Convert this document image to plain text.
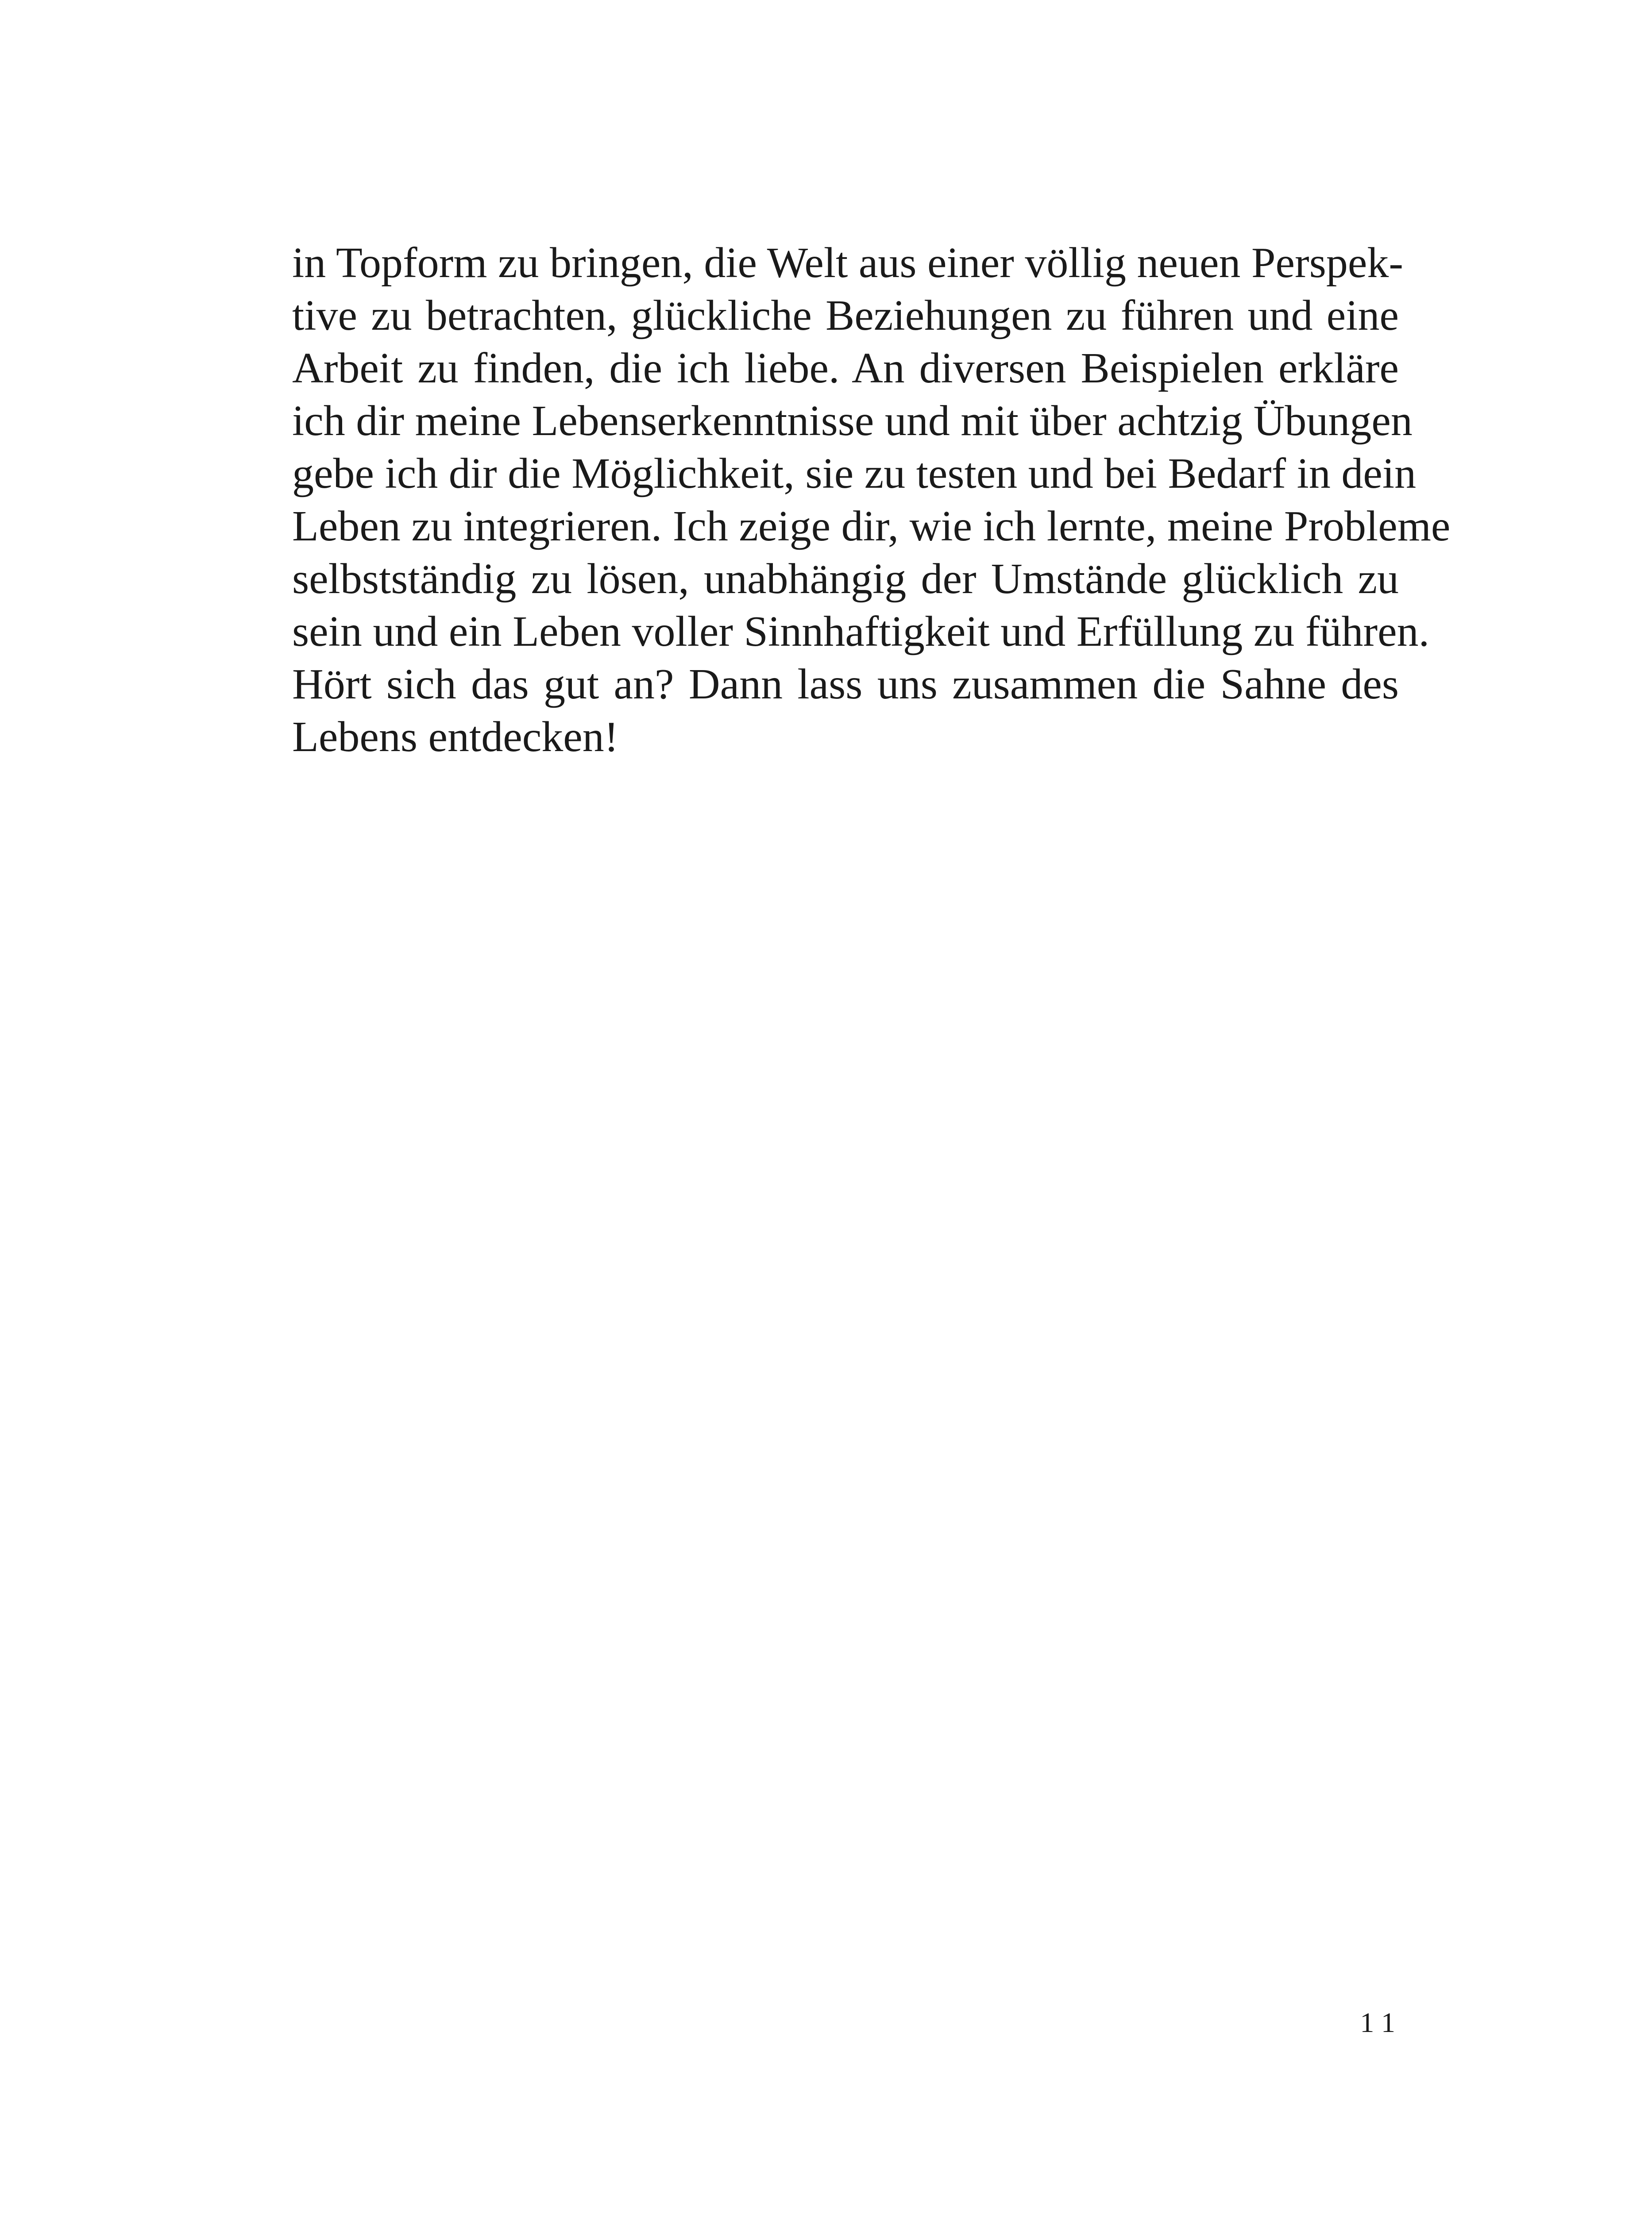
in Topform zu bringen, die Welt aus einer völlig neuen Perspek-
tive zu betrachten, glückliche Beziehungen zu führen und eine
Arbeit zu finden, die ich liebe. An diversen Beispielen erkläre
ich dir meine Lebenserkenntnisse und mit über achtzig Übungen
gebe ich dir die Möglichkeit, sie zu testen und bei Bedarf in dein
Leben zu integrieren. Ich zeige dir, wie ich lernte, meine Probleme
selbstständig zu lösen, unabhängig der Umstände glücklich zu
sein und ein Leben voller Sinnhaftigkeit und Erfüllung zu führen.
Hört sich das gut an? Dann lass uns zusammen die Sahne des
Lebens entdecken!
11
